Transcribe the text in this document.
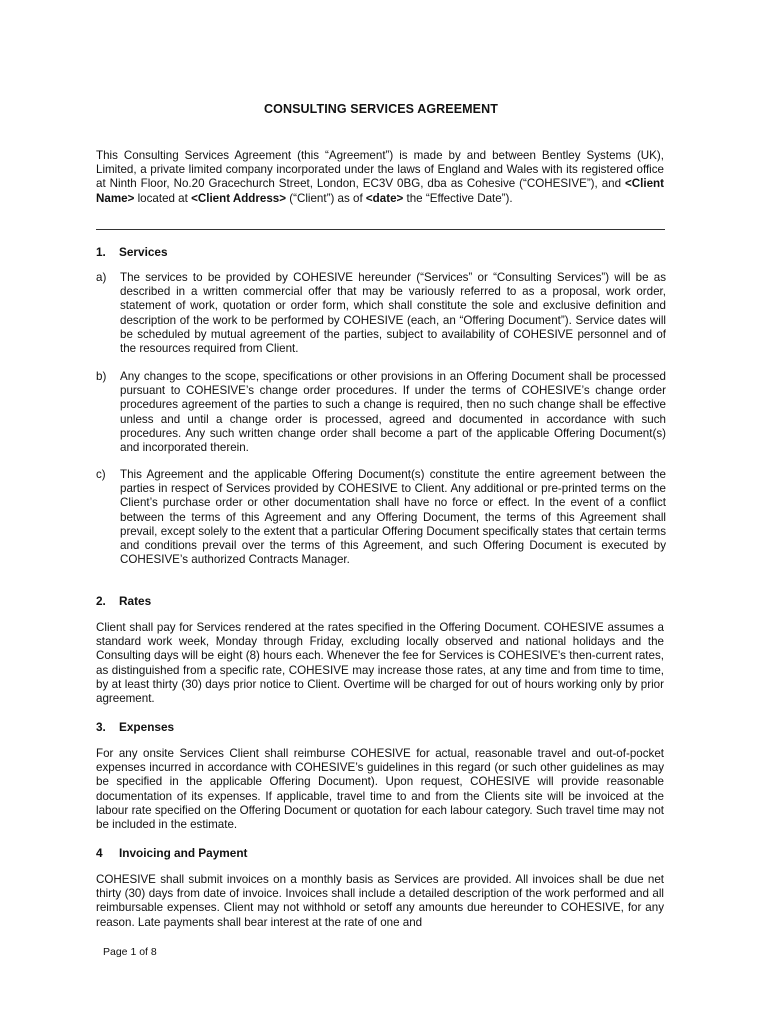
CONSULTING SERVICES AGREEMENT

This Consulting Services Agreement (this “Agreement”) is made by and between Bentley Systems (UK), Limited, a private limited company incorporated under the laws of England and Wales with its registered office at Ninth Floor, No.20 Gracechurch Street, London, EC3V 0BG, dba as Cohesive (“COHESIVE”), and <Client Name> located at <Client Address> (“Client”) as of <date> the “Effective Date”).

1. Services
a) The services to be provided by COHESIVE hereunder (“Services” or “Consulting Services”) will be as described in a written commercial offer that may be variously referred to as a proposal, work order, statement of work, quotation or order form, which shall constitute the sole and exclusive definition and description of the work to be performed by COHESIVE (each, an “Offering Document”). Service dates will be scheduled by mutual agreement of the parties, subject to availability of COHESIVE personnel and of the resources required from Client.

b) Any changes to the scope, specifications or other provisions in an Offering Document shall be processed pursuant to COHESIVE’s change order procedures. If under the terms of COHESIVE’s change order procedures agreement of the parties to such a change is required, then no such change shall be effective unless and until a change order is processed, agreed and documented in accordance with such procedures. Any such written change order shall become a part of the applicable Offering Document(s) and incorporated therein.

c) This Agreement and the applicable Offering Document(s) constitute the entire agreement between the parties in respect of Services provided by COHESIVE to Client. Any additional or pre-printed terms on the Client’s purchase order or other documentation shall have no force or effect. In the event of a conflict between the terms of this Agreement and any Offering Document, the terms of this Agreement shall prevail, except solely to the extent that a particular Offering Document specifically states that certain terms and conditions prevail over the terms of this Agreement, and such Offering Document is executed by COHESIVE’s authorized Contracts Manager.

2. Rates

Client shall pay for Services rendered at the rates specified in the Offering Document. COHESIVE assumes a standard work week, Monday through Friday, excluding locally observed and national holidays and the Consulting days will be eight (8) hours each. Whenever the fee for Services is COHESIVE's then-current rates, as distinguished from a specific rate, COHESIVE may increase those rates, at any time and from time to time, by at least thirty (30) days prior notice to Client. Overtime will be charged for out of hours working only by prior agreement.

3. Expenses

For any onsite Services Client shall reimburse COHESIVE for actual, reasonable travel and out-of-pocket expenses incurred in accordance with COHESIVE’s guidelines in this regard (or such other guidelines as may be specified in the applicable Offering Document). Upon request, COHESIVE will provide reasonable documentation of its expenses. If applicable, travel time to and from the Clients site will be invoiced at the labour rate specified on the Offering Document or quotation for each labour category. Such travel time may not be included in the estimate.

4 Invoicing and Payment

COHESIVE shall submit invoices on a monthly basis as Services are provided. All invoices shall be due net thirty (30) days from date of invoice. Invoices shall include a detailed description of the work performed and all reimbursable expenses. Client may not withhold or setoff any amounts due hereunder to COHESIVE, for any reason. Late payments shall bear interest at the rate of one and

Page 1 of 8
